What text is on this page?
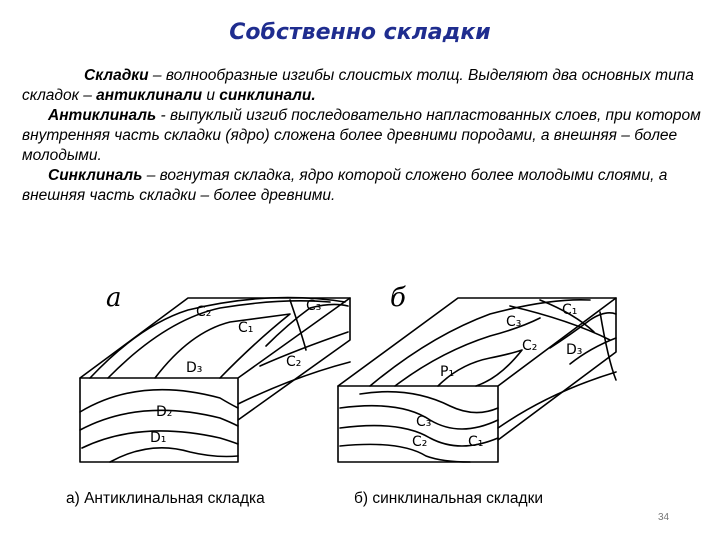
Собственно складки

Складки – волнообразные изгибы слоистых толщ. Выделяют два основных типа складок – антиклинали и синклинали.

Антиклиналь - выпуклый изгиб последовательно напластованных слоев, при котором внутренняя часть складки (ядро) сложена более древними породами, а внешняя – более молодыми.

Синклиналь – вогнутая складка, ядро которой сложено более молодыми слоями, а внешняя часть складки – более древними.

а	C₂
C₁
C₃
D₃	C₂
D₂
D₁
б
C₃
C₁
C₂ D₃
P₁
C₃
C₂	C₁
а) Антиклинальная складка	б) синклинальная складки
34
